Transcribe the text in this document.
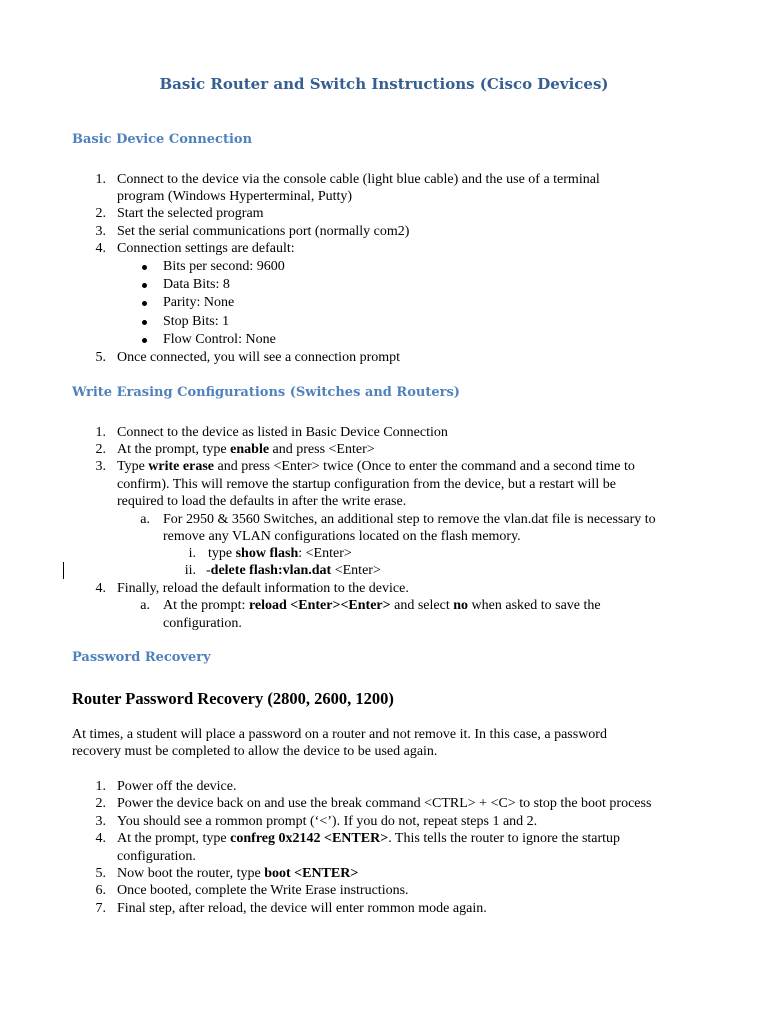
Basic Router and Switch Instructions (Cisco Devices)
Basic Device Connection
1. Connect to the device via the console cable (light blue cable) and the use of a terminal
program (Windows Hyperterminal, Putty)
2. Start the selected program
3. Set the serial communications port (normally com2)
4. Connection settings are default:
Bits per second: 9600
Data Bits: 8
Parity: None
Stop Bits: 1
Flow Control: None
5. Once connected, you will see a connection prompt
Write Erasing Configurations (Switches and Routers)
1. Connect to the device as listed in Basic Device Connection
2. At the prompt, type enable and press <Enter>
3. Type write erase and press <Enter> twice (Once to enter the command and a second time to
confirm). This will remove the startup configuration from the device, but a restart will be
required to load the defaults in after the write erase.
a. For 2950 & 3560 Switches, an additional step to remove the vlan.dat file is necessary to
remove any VLAN configurations located on the flash memory.
i. type show flash: <Enter>
ii. -delete flash:vlan.dat <Enter>
4. Finally, reload the default information to the device.
a. At the prompt: reload <Enter><Enter> and select no when asked to save the
configuration.
Password Recovery
Router Password Recovery (2800, 2600, 1200)
At times, a student will place a password on a router and not remove it. In this case, a password
recovery must be completed to allow the device to be used again.
1. Power off the device.
2. Power the device back on and use the break command <CTRL> + <C> to stop the boot process
3. You should see a rommon prompt (‘<’). If you do not, repeat steps 1 and 2.
4. At the prompt, type confreg 0x2142 <ENTER>. This tells the router to ignore the startup
configuration.
5. Now boot the router, type boot <ENTER>
6. Once booted, complete the Write Erase instructions.
7. Final step, after reload, the device will enter rommon mode again.
